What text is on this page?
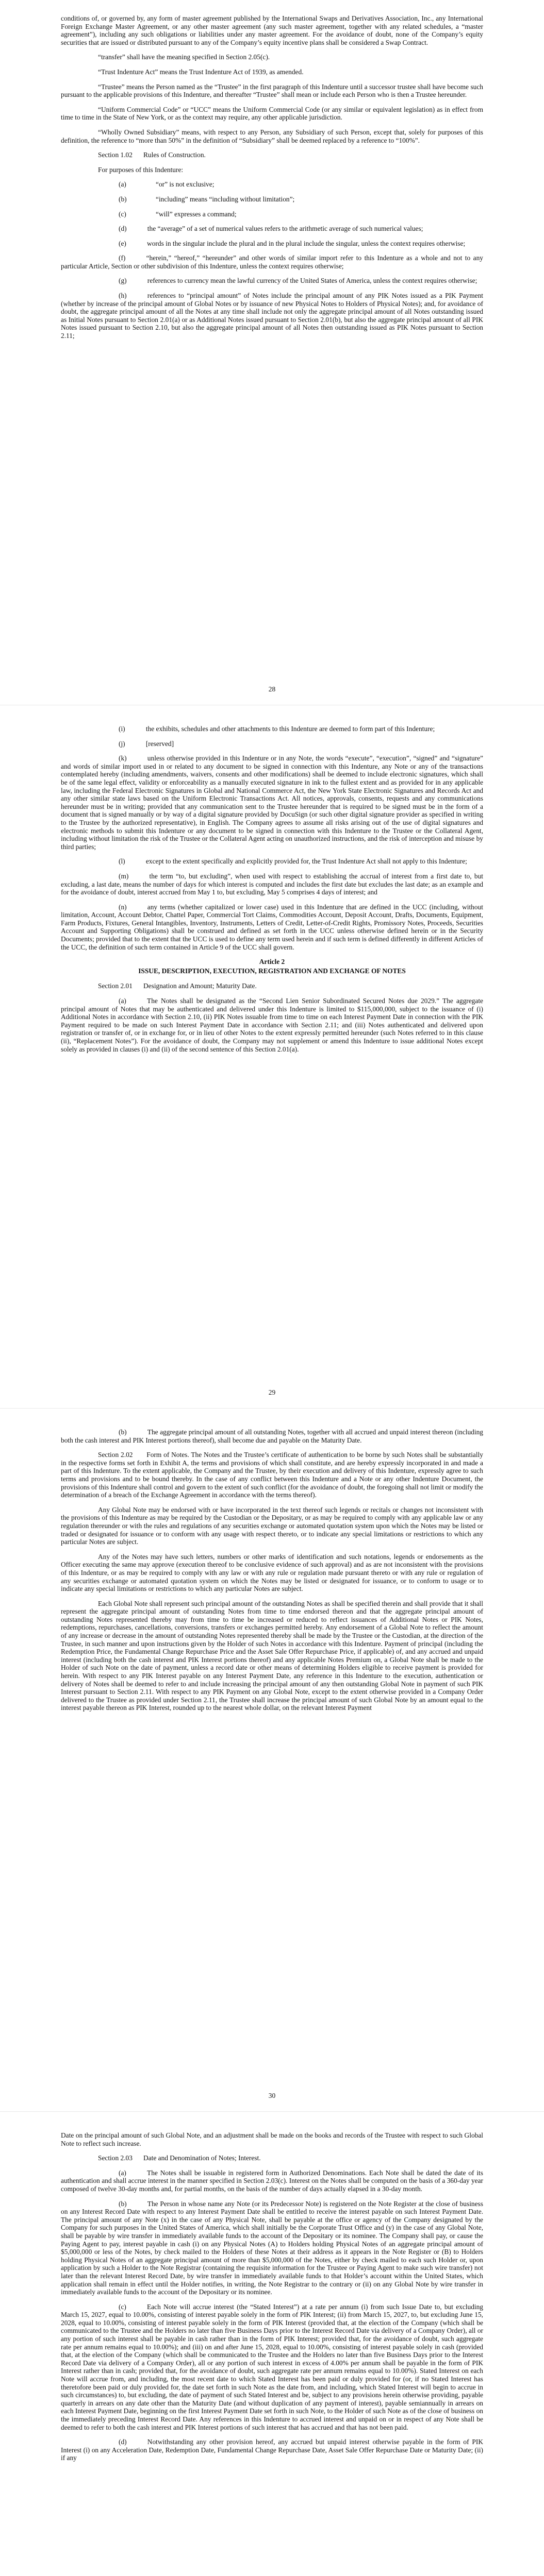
conditions of, or governed by, any form of master agreement published by the International Swaps and Derivatives Association, Inc., any International Foreign Exchange Master Agreement, or any other master agreement (any such master agreement, together with any related schedules, a “master agreement”), including any such obligations or liabilities under any master agreement. For the avoidance of doubt, none of the Company’s equity securities that are issued or distributed pursuant to any of the Company’s equity incentive plans shall be considered a Swap Contract.

“transfer” shall have the meaning specified in Section 2.05(c).

“Trust Indenture Act” means the Trust Indenture Act of 1939, as amended.

“Trustee” means the Person named as the “Trustee” in the first paragraph of this Indenture until a successor trustee shall have become such pursuant to the applicable provisions of this Indenture, and thereafter “Trustee” shall mean or include each Person who is then a Trustee hereunder.

“Uniform Commercial Code” or “UCC” means the Uniform Commercial Code (or any similar or equivalent legislation) as in effect from time to time in the State of New York, or as the context may require, any other applicable jurisdiction.

“Wholly Owned Subsidiary” means, with respect to any Person, any Subsidiary of such Person, except that, solely for purposes of this definition, the reference to “more than 50%” in the definition of “Subsidiary” shall be deemed replaced by a reference to “100%”.

Section 1.02 Rules of Construction.

For purposes of this Indenture:

(a)	“or” is not exclusive;
(b)	“including” means “including without limitation”;
(c)	“will” expresses a command;

(d)   	the “average” of a set of numerical values refers to the arithmetic average of such numerical values;

(e)   	words in the singular include the plural and in the plural include the singular, unless the context requires otherwise;

(f)   	“herein,” “hereof,” “hereunder” and other words of similar import refer to this Indenture as a whole and not to any particular Article, Section or other subdivision of this Indenture, unless the context requires otherwise;

(g)   	references to currency mean the lawful currency of the United States of America, unless the context requires otherwise;

(h)   	references to “principal amount” of Notes include the principal amount of any PIK Notes issued as a PIK Payment (whether by increase of the principal amount of Global Notes or by issuance of new Physical Notes to Holders of Physical Notes); and, for avoidance of doubt, the aggregate principal amount of all the Notes at any time shall include not only the aggregate principal amount of all Notes outstanding issued as Initial Notes pursuant to Section 2.01(a) or as Additional Notes issued pursuant to Section 2.01(b), but also the aggregate principal amount of all PIK Notes issued pursuant to Section 2.10, but also the aggregate principal amount of all Notes then outstanding issued as PIK Notes pursuant to Section 2.11;

28

(i)   	the exhibits, schedules and other attachments to this Indenture are deemed to form part of this Indenture;

(j)   	[reserved]

(k)   	unless otherwise provided in this Indenture or in any Note, the words “execute”, “execution”, “signed” and “signature” and words of similar import used in or related to any document to be signed in connection with this Indenture, any Note or any of the transactions contemplated hereby (including amendments, waivers, consents and other modifications) shall be deemed to include electronic signatures, which shall be of the same legal effect, validity or enforceability as a manually executed signature in ink to the fullest extent and as provided for in any applicable law, including the Federal Electronic Signatures in Global and National Commerce Act, the New York State Electronic Signatures and Records Act and any other similar state laws based on the Uniform Electronic Transactions Act. All notices, approvals, consents, requests and any communications hereunder must be in writing; provided that any communication sent to the Trustee hereunder that is required to be signed must be in the form of a document that is signed manually or by way of a digital signature provided by DocuSign (or such other digital signature provider as specified in writing to the Trustee by the authorized representative), in English. The Company agrees to assume all risks arising out of the use of digital signatures and electronic methods to submit this Indenture or any document to be signed in connection with this Indenture to the Trustee or the Collateral Agent, including without limitation the risk of the Trustee or the Collateral Agent acting on unauthorized instructions, and the risk of interception and misuse by third parties;

(l)   	except to the extent specifically and explicitly provided for, the Trust Indenture Act shall not apply to this Indenture;

(m)   	the term “to, but excluding”, when used with respect to establishing the accrual of interest from a first date to, but excluding, a last date, means the number of days for which interest is computed and includes the first date but excludes the last date; as an example and for the avoidance of doubt, interest accrued from May 1 to, but excluding, May 5 comprises 4 days of interest; and

(n)   	any terms (whether capitalized or lower case) used in this Indenture that are defined in the UCC (including, without limitation, Account, Account Debtor, Chattel Paper, Commercial Tort Claims, Commodities Account, Deposit Account, Drafts, Documents, Equipment, Farm Products, Fixtures, General Intangibles, Inventory, Instruments, Letters of Credit, Letter-of-Credit Rights, Promissory Notes, Proceeds, Securities Account and Supporting Obligations) shall be construed and defined as set forth in the UCC unless otherwise defined herein or in the Security Documents; provided that to the extent that the UCC is used to define any term used herein and if such term is defined differently in different Articles of the UCC, the definition of such term contained in Article 9 of the UCC shall govern.

Article 2
ISSUE, DESCRIPTION, EXECUTION, REGISTRATION AND EXCHANGE OF NOTES

Section 2.01 Designation and Amount; Maturity Date.

(a)   	The Notes shall be designated as the “Second Lien Senior Subordinated Secured Notes due 2029.” The aggregate principal amount of Notes that may be authenticated and delivered under this Indenture is limited to $115,000,000, subject to the issuance of (i) Additional Notes in accordance with Section 2.10, (ii) PIK Notes issuable from time to time on each Interest Payment Date in connection with the PIK Payment required to be made on such Interest Payment Date in accordance with Section 2.11; and (iii) Notes authenticated and delivered upon registration or transfer of, or in exchange for, or in lieu of other Notes to the extent expressly permitted hereunder (such Notes referred to in this clause (ii), “Replacement Notes”). For the avoidance of doubt, the Company may not supplement or amend this Indenture to issue additional Notes except solely as provided in clauses (i) and (ii) of the second sentence of this Section 2.01(a).

29

(b)   	The aggregate principal amount of all outstanding Notes, together with all accrued and unpaid interest thereon (including both the cash interest and PIK Interest portions thereof), shall become due and payable on the Maturity Date.

Section 2.02   Form of Notes. The Notes and the Trustee’s certificate of authentication to be borne by such Notes shall be substantially in the respective forms set forth in Exhibit A, the terms and provisions of which shall constitute, and are hereby expressly incorporated in and made a part of this Indenture. To the extent applicable, the Company and the Trustee, by their execution and delivery of this Indenture, expressly agree to such terms and provisions and to be bound thereby. In the case of any conflict between this Indenture and a Note or any other Indenture Document, the provisions of this Indenture shall control and govern to the extent of such conflict (for the avoidance of doubt, the foregoing shall not limit or modify the determination of a breach of the Exchange Agreement in accordance with the terms thereof).

Any Global Note may be endorsed with or have incorporated in the text thereof such legends or recitals or changes not inconsistent with the provisions of this Indenture as may be required by the Custodian or the Depositary, or as may be required to comply with any applicable law or any regulation thereunder or with the rules and regulations of any securities exchange or automated quotation system upon which the Notes may be listed or traded or designated for issuance or to conform with any usage with respect thereto, or to indicate any special limitations or restrictions to which any particular Notes are subject.

Any of the Notes may have such letters, numbers or other marks of identification and such notations, legends or endorsements as the Officer executing the same may approve (execution thereof to be conclusive evidence of such approval) and as are not inconsistent with the provisions of this Indenture, or as may be required to comply with any law or with any rule or regulation made pursuant thereto or with any rule or regulation of any securities exchange or automated quotation system on which the Notes may be listed or designated for issuance, or to conform to usage or to indicate any special limitations or restrictions to which any particular Notes are subject.

Each Global Note shall represent such principal amount of the outstanding Notes as shall be specified therein and shall provide that it shall represent the aggregate principal amount of outstanding Notes from time to time endorsed thereon and that the aggregate principal amount of outstanding Notes represented thereby may from time to time be increased or reduced to reflect issuances of Additional Notes or PIK Notes, redemptions, repurchases, cancellations, conversions, transfers or exchanges permitted hereby. Any endorsement of a Global Note to reflect the amount of any increase or decrease in the amount of outstanding Notes represented thereby shall be made by the Trustee or the Custodian, at the direction of the Trustee, in such manner and upon instructions given by the Holder of such Notes in accordance with this Indenture. Payment of principal (including the Redemption Price, the Fundamental Change Repurchase Price and the Asset Sale Offer Repurchase Price, if applicable) of, and any accrued and unpaid interest (including both the cash interest and PIK Interest portions thereof) and any applicable Notes Premium on, a Global Note shall be made to the Holder of such Note on the date of payment, unless a record date or other means of determining Holders eligible to receive payment is provided for herein. With respect to any PIK Interest payable on any Interest Payment Date, any reference in this Indenture to the execution, authentication or delivery of Notes shall be deemed to refer to and include increasing the principal amount of any then outstanding Global Note in payment of such PIK Interest pursuant to Section 2.11. With respect to any PIK Payment on any Global Note, except to the extent otherwise provided in a Company Order delivered to the Trustee as provided under Section 2.11, the Trustee shall increase the principal amount of such Global Note by an amount equal to the interest payable thereon as PIK Interest, rounded up to the nearest whole dollar, on the relevant Interest Payment

30

Date on the principal amount of such Global Note, and an adjustment shall be made on the books and records of the Trustee with respect to such Global Note to reflect such increase.

Section 2.03 Date and Denomination of Notes; Interest.

(a)   	The Notes shall be issuable in registered form in Authorized Denominations. Each Note shall be dated the date of its authentication and shall accrue interest in the manner specified in Section 2.03(c). Interest on the Notes shall be computed on the basis of a 360-day year composed of twelve 30-day months and, for partial months, on the basis of the number of days actually elapsed in a 30-day month.

(b)   	The Person in whose name any Note (or its Predecessor Note) is registered on the Note Register at the close of business on any Interest Record Date with respect to any Interest Payment Date shall be entitled to receive the interest payable on such Interest Payment Date. The principal amount of any Note (x) in the case of any Physical Note, shall be payable at the office or agency of the Company designated by the Company for such purposes in the United States of America, which shall initially be the Corporate Trust Office and (y) in the case of any Global Note, shall be payable by wire transfer in immediately available funds to the account of the Depositary or its nominee. The Company shall pay, or cause the Paying Agent to pay, interest payable in cash (i) on any Physical Notes (A) to Holders holding Physical Notes of an aggregate principal amount of $5,000,000 or less of the Notes, by check mailed to the Holders of these Notes at their address as it appears in the Note Register or (B) to Holders holding Physical Notes of an aggregate principal amount of more than $5,000,000 of the Notes, either by check mailed to each such Holder or, upon application by such a Holder to the Note Registrar (containing the requisite information for the Trustee or Paying Agent to make such wire transfer) not later than the relevant Interest Record Date, by wire transfer in immediately available funds to that Holder’s account within the United States, which application shall remain in effect until the Holder notifies, in writing, the Note Registrar to the contrary or (ii) on any Global Note by wire transfer in immediately available funds to the account of the Depositary or its nominee.

(c)   	Each Note will accrue interest (the “Stated Interest”) at a rate per annum (i) from such Issue Date to, but excluding March 15, 2027, equal to 10.00%, consisting of interest payable solely in the form of PIK Interest; (ii) from March 15, 2027, to, but excluding June 15, 2028, equal to 10.00%, consisting of interest payable solely in the form of PIK Interest (provided that, at the election of the Company (which shall be communicated to the Trustee and the Holders no later than five Business Days prior to the Interest Record Date via delivery of a Company Order), all or any portion of such interest shall be payable in cash rather than in the form of PIK Interest; provided that, for the avoidance of doubt, such aggregate rate per annum remains equal to 10.00%); and (iii) on and after June 15, 2028, equal to 10.00%, consisting of interest payable solely in cash (provided that, at the election of the Company (which shall be communicated to the Trustee and the Holders no later than five Business Days prior to the Interest Record Date via delivery of a Company Order), all or any portion of such interest in excess of 4.00% per annum shall be payable in the form of PIK Interest rather than in cash; provided that, for the avoidance of doubt, such aggregate rate per annum remains equal to 10.00%). Stated Interest on each Note will accrue from, and including, the most recent date to which Stated Interest has been paid or duly provided for (or, if no Stated Interest has theretofore been paid or duly provided for, the date set forth in such Note as the date from, and including, which Stated Interest will begin to accrue in such circumstances) to, but excluding, the date of payment of such Stated Interest and be, subject to any provisions herein otherwise providing, payable quarterly in arrears on any date other than the Maturity Date (and without duplication of any payment of interest), payable semiannually in arrears on each Interest Payment Date, beginning on the first Interest Payment Date set forth in such Note, to the Holder of such Note as of the close of business on the immediately preceding Interest Record Date. Any references in this Indenture to accrued interest and unpaid on or in respect of any Note shall be deemed to refer to both the cash interest and PIK Interest portions of such interest that has accrued and that has not been paid.

(d)   	Notwithstanding any other provision hereof, any accrued but unpaid interest otherwise payable in the form of PIK Interest (i) on any Acceleration Date, Redemption Date, Fundamental Change Repurchase Date, Asset Sale Offer Repurchase Date or Maturity Date; (ii) if any
